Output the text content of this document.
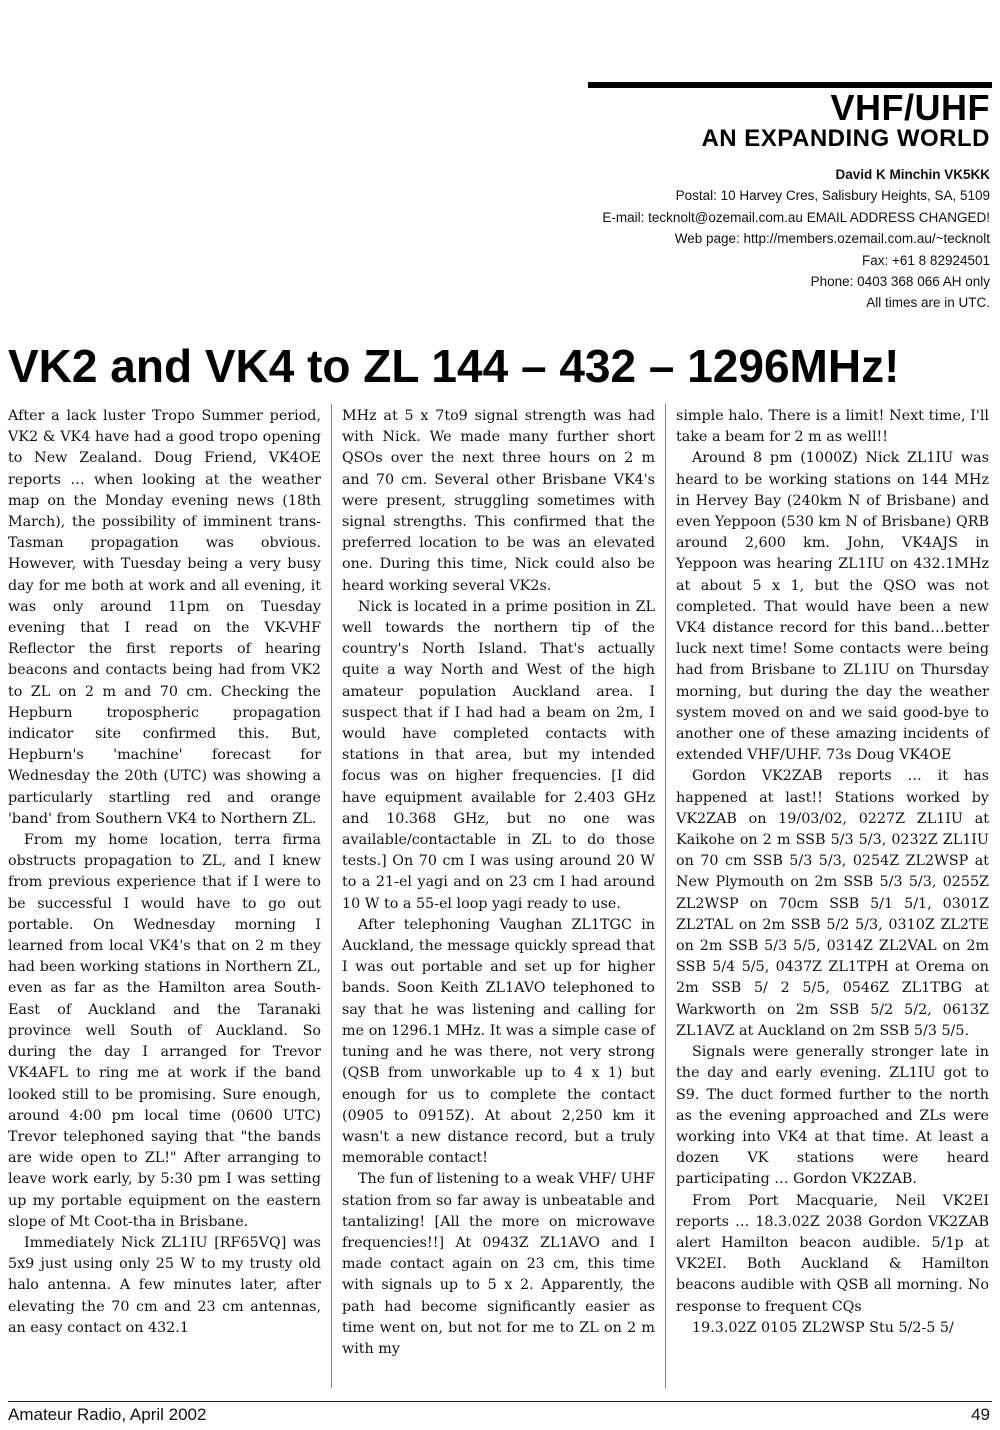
VHF/UHF
AN EXPANDING WORLD
David K Minchin VK5KK
Postal: 10 Harvey Cres, Salisbury Heights, SA, 5109
E-mail: tecknolt@ozemail.com.au EMAIL ADDRESS CHANGED!
Web page: http://members.ozemail.com.au/~tecknolt
Fax: +61 8 82924501
Phone: 0403 368 066 AH only
All times are in UTC.
VK2 and VK4 to ZL 144 – 432 – 1296MHz!

After a lack luster Tropo Summer period, VK2 & VK4 have had a good tropo opening to New Zealand. Doug Friend, VK4OE reports … when looking at the weather map on the Monday evening news (18th March), the possibility of imminent trans-Tasman propagation was obvious. However, with Tuesday being a very busy day for me both at work and all evening, it was only around 11pm on Tuesday evening that I read on the VK-VHF Reflector the first reports of hearing beacons and contacts being had from VK2 to ZL on 2 m and 70 cm. Checking the Hepburn tropospheric propagation indicator site confirmed this. But, Hepburn's 'machine' forecast for Wednesday the 20th (UTC) was showing a particularly startling red and orange 'band' from Southern VK4 to Northern ZL.

From my home location, terra firma obstructs propagation to ZL, and I knew from previous experience that if I were to be successful I would have to go out portable. On Wednesday morning I learned from local VK4's that on 2 m they had been working stations in Northern ZL, even as far as the Hamilton area South-East of Auckland and the Taranaki province well South of Auckland. So during the day I arranged for Trevor VK4AFL to ring me at work if the band looked still to be promising. Sure enough, around 4:00 pm local time (0600 UTC) Trevor telephoned saying that "the bands are wide open to ZL!" After arranging to leave work early, by 5:30 pm I was setting up my portable equipment on the eastern slope of Mt Coot-tha in Brisbane.

Immediately Nick ZL1IU [RF65VQ] was 5x9 just using only 25 W to my trusty old halo antenna. A few minutes later, after elevating the 70 cm and 23 cm antennas, an easy contact on 432.1

MHz at 5 x 7to9 signal strength was had with Nick. We made many further short QSOs over the next three hours on 2 m and 70 cm. Several other Brisbane VK4's were present, struggling sometimes with signal strengths. This confirmed that the preferred location to be was an elevated one. During this time, Nick could also be heard working several VK2s.

Nick is located in a prime position in ZL well towards the northern tip of the country's North Island. That's actually quite a way North and West of the high amateur population Auckland area. I suspect that if I had had a beam on 2m, I would have completed contacts with stations in that area, but my intended focus was on higher frequencies. [I did have equipment available for 2.403 GHz and 10.368 GHz, but no one was available/contactable in ZL to do those tests.] On 70 cm I was using around 20 W to a 21-el yagi and on 23 cm I had around 10 W to a 55-el loop yagi ready to use.

After telephoning Vaughan ZL1TGC in Auckland, the message quickly spread that I was out portable and set up for higher bands. Soon Keith ZL1AVO telephoned to say that he was listening and calling for me on 1296.1 MHz. It was a simple case of tuning and he was there, not very strong (QSB from unworkable up to 4 x 1) but enough for us to complete the contact (0905 to 0915Z). At about 2,250 km it wasn't a new distance record, but a truly memorable contact!

The fun of listening to a weak VHF/ UHF station from so far away is unbeatable and tantalizing! [All the more on microwave frequencies!!] At 0943Z ZL1AVO and I made contact again on 23 cm, this time with signals up to 5 x 2. Apparently, the path had become significantly easier as time went on, but not for me to ZL on 2 m with my

simple halo. There is a limit! Next time, I'll take a beam for 2 m as well!!

Around 8 pm (1000Z) Nick ZL1IU was heard to be working stations on 144 MHz in Hervey Bay (240km N of Brisbane) and even Yeppoon (530 km N of Brisbane) QRB around 2,600 km. John, VK4AJS in Yeppoon was hearing ZL1IU on 432.1MHz at about 5 x 1, but the QSO was not completed. That would have been a new VK4 distance record for this band…better luck next time! Some contacts were being had from Brisbane to ZL1IU on Thursday morning, but during the day the weather system moved on and we said good-bye to another one of these amazing incidents of extended VHF/UHF. 73s Doug VK4OE

Gordon VK2ZAB reports … it has happened at last!! Stations worked by VK2ZAB on 19/03/02, 0227Z ZL1IU at Kaikohe on 2 m SSB 5/3 5/3, 0232Z ZL1IU on 70 cm SSB 5/3 5/3, 0254Z ZL2WSP at New Plymouth on 2m SSB 5/3 5/3, 0255Z ZL2WSP on 70cm SSB 5/1 5/1, 0301Z ZL2TAL on 2m SSB 5/2 5/3, 0310Z ZL2TE on 2m SSB 5/3 5/5, 0314Z ZL2VAL on 2m SSB 5/4 5/5, 0437Z ZL1TPH at Orema on 2m SSB 5/ 2 5/5, 0546Z ZL1TBG at Warkworth on 2m SSB 5/2 5/2, 0613Z ZL1AVZ at Auckland on 2m SSB 5/3 5/5.

Signals were generally stronger late in the day and early evening. ZL1IU got to S9. The duct formed further to the north as the evening approached and ZLs were working into VK4 at that time. At least a dozen VK stations were heard participating … Gordon VK2ZAB.

From Port Macquarie, Neil VK2EI reports … 18.3.02Z 2038 Gordon VK2ZAB alert Hamilton beacon audible. 5/1p at VK2EI. Both Auckland & Hamilton beacons audible with QSB all morning. No response to frequent CQs

19.3.02Z 0105 ZL2WSP Stu 5/2-5 5/

Amateur Radio, April 2002	49
